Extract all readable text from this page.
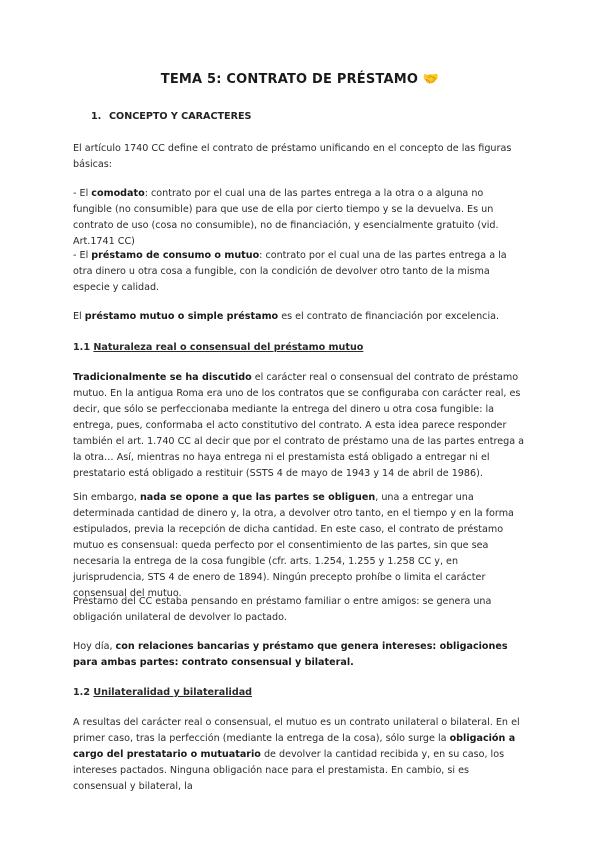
TEMA 5: CONTRATO DE PRÉSTAMO 🤝
1. CONCEPTO Y CARACTERES
El artículo 1740 CC define el contrato de préstamo unificando en el concepto de las figuras básicas:
- El comodato: contrato por el cual una de las partes entrega a la otra o a alguna no fungible (no consumible) para que use de ella por cierto tiempo y se la devuelva. Es un contrato de uso (cosa no consumible), no de financiación, y esencialmente gratuito (vid. Art.1741 CC)
- El préstamo de consumo o mutuo: contrato por el cual una de las partes entrega a la otra dinero u otra cosa a fungible, con la condición de devolver otro tanto de la misma especie y calidad.
El préstamo mutuo o simple préstamo es el contrato de financiación por excelencia.
1.1 Naturaleza real o consensual del préstamo mutuo
Tradicionalmente se ha discutido el carácter real o consensual del contrato de préstamo mutuo. En la antigua Roma era uno de los contratos que se configuraba con carácter real, es decir, que sólo se perfeccionaba mediante la entrega del dinero u otra cosa fungible: la entrega, pues, conformaba el acto constitutivo del contrato. A esta idea parece responder también el art. 1.740 CC al decir que por el contrato de préstamo una de las partes entrega a la otra… Así, mientras no haya entrega ni el prestamista está obligado a entregar ni el prestatario está obligado a restituir (SSTS 4 de mayo de 1943 y 14 de abril de 1986).
Sin embargo, nada se opone a que las partes se obliguen, una a entregar una determinada cantidad de dinero y, la otra, a devolver otro tanto, en el tiempo y en la forma estipulados, previa la recepción de dicha cantidad. En este caso, el contrato de préstamo mutuo es consensual: queda perfecto por el consentimiento de las partes, sin que sea necesaria la entrega de la cosa fungible (cfr. arts. 1.254, 1.255 y 1.258 CC y, en jurisprudencia, STS 4 de enero de 1894). Ningún precepto prohíbe o limita el carácter consensual del mutuo.
Préstamo del CC estaba pensando en préstamo familiar o entre amigos: se genera una obligación unilateral de devolver lo pactado.
Hoy día, con relaciones bancarias y préstamo que genera intereses: obligaciones para ambas partes: contrato consensual y bilateral.
1.2 Unilateralidad y bilateralidad
A resultas del carácter real o consensual, el mutuo es un contrato unilateral o bilateral. En el primer caso, tras la perfección (mediante la entrega de la cosa), sólo surge la obligación a cargo del prestatario o mutuatario de devolver la cantidad recibida y, en su caso, los intereses pactados. Ninguna obligación nace para el prestamista. En cambio, si es consensual y bilateral, la
